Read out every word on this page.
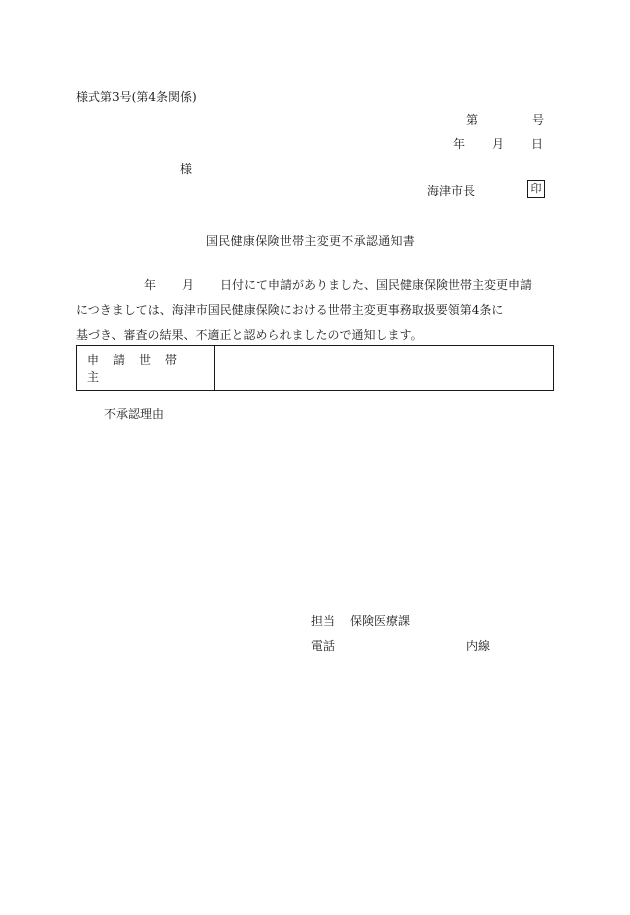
様式第3号(第4条関係)
第	号
年 月 日
様
海津市長	印
国民健康保険世帯主変更不承認通知書

年 月 日付にて申請がありました、国民健康保険世帯主変更申請

につきましては、海津市国民健康保険における世帯主変更事務取扱要領第4条に

基づき、審査の結果、不適正と認められましたので通知します。

申請世帯主
不承認理由
担当 保険医療課
電話	内線
